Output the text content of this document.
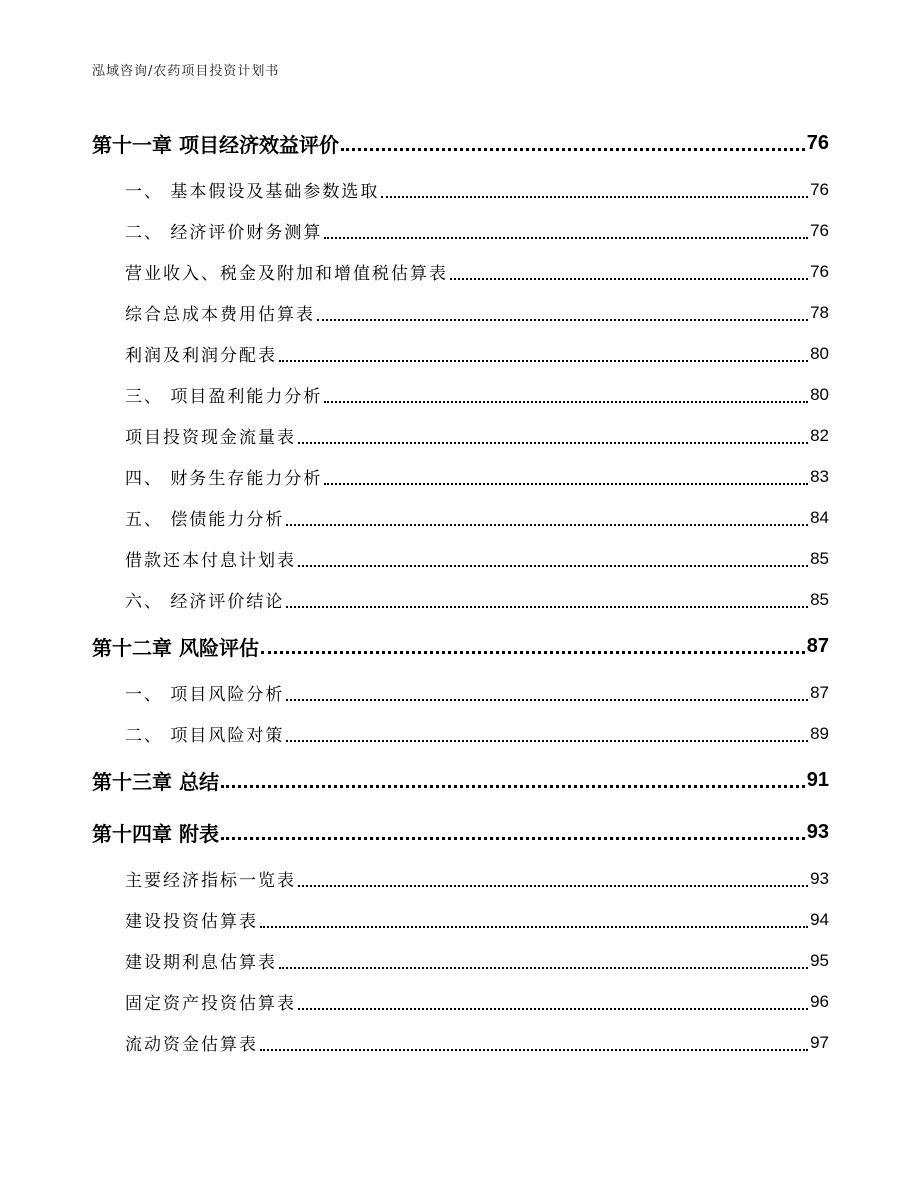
泓域咨询/农药项目投资计划书
第十一章 项目经济效益评价	76
一、 基本假设及基础参数选取	76
二、 经济评价财务测算	76
营业收入、税金及附加和增值税估算表	76
综合总成本费用估算表	78
利润及利润分配表	80
三、 项目盈利能力分析	80
项目投资现金流量表	82
四、 财务生存能力分析	83
五、 偿债能力分析	84
借款还本付息计划表	85
六、 经济评价结论	85
第十二章 风险评估	87
一、 项目风险分析	87
二、 项目风险对策	89
第十三章 总结	91
第十四章 附表	93
主要经济指标一览表	93
建设投资估算表	94
建设期利息估算表	95
固定资产投资估算表	96
流动资金估算表	97
